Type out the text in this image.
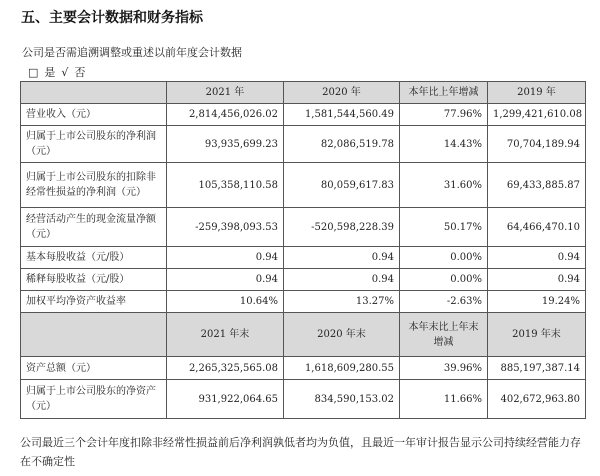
五、主要会计数据和财务指标
公司是否需追溯调整或重述以前年度会计数据
□ 是 √ 否
	2021 年	2020 年	本年比上年增减	2019 年
营业收入（元）	2,814,456,026.02	1,581,544,560.49	77.96%	1,299,421,610.08
归属于上市公司股东的净利润（元）	93,935,699.23	82,086,519.78	14.43%	70,704,189.94
归属于上市公司股东的扣除非经常性损益的净利润（元）	105,358,110.58	80,059,617.83	31.60%	69,433,885.87
经营活动产生的现金流量净额（元）	-259,398,093.53	-520,598,228.39	50.17%	64,466,470.10
基本每股收益（元/股）	0.94	0.94	0.00%	0.94
稀释每股收益（元/股）	0.94	0.94	0.00%	0.94
加权平均净资产收益率	10.64%	13.27%	-2.63%	19.24%
	2021 年末	2020 年末	本年末比上年末增减	2019 年末
资产总额（元）	2,265,325,565.08	1,618,609,280.55	39.96%	885,197,387.14
归属于上市公司股东的净资产（元）	931,922,064.65	834,590,153.02	11.66%	402,672,963.80
公司最近三个会计年度扣除非经常性损益前后净利润孰低者均为负值，且最近一年审计报告显示公司持续经营能力存在不确定性
